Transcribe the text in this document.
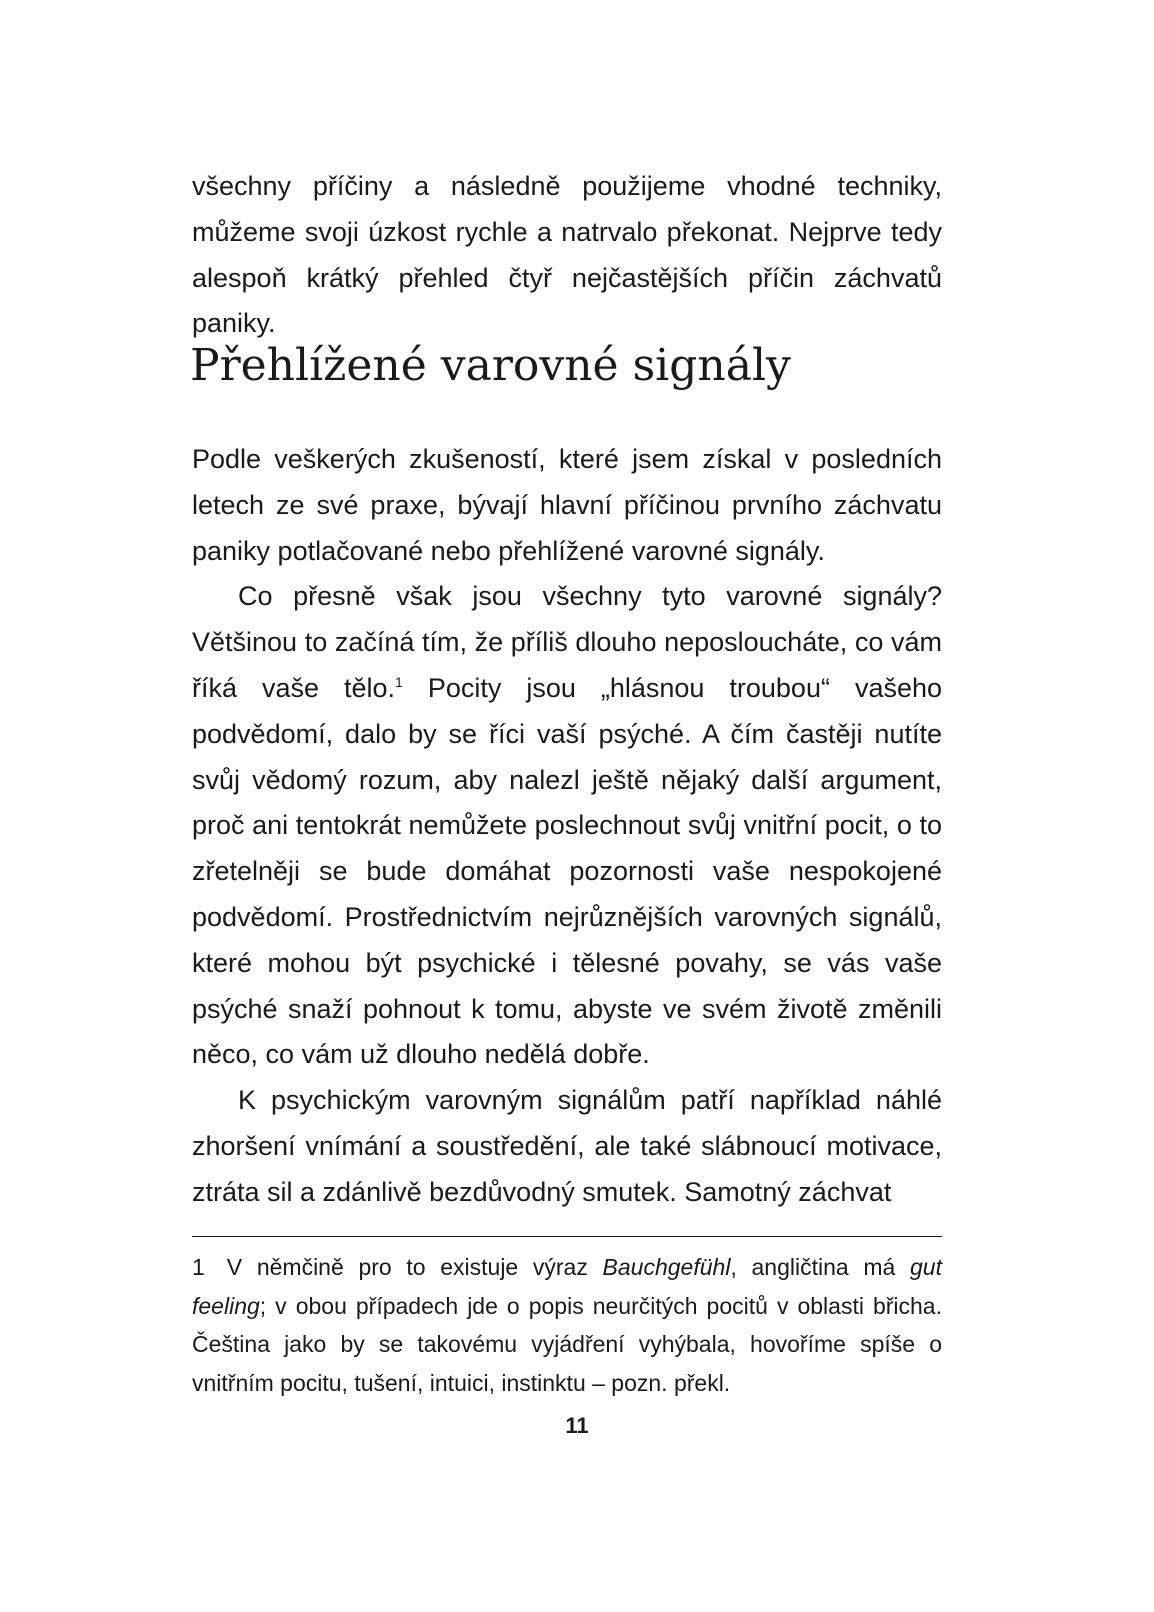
všechny příčiny a následně použijeme vhodné techniky, můžeme svoji úzkost rychle a natrvalo překonat. Nejprve tedy alespoň krátký přehled čtyř nejčastějších příčin záchvatů paniky.

Přehlížené varovné signály

Podle veškerých zkušeností, které jsem získal v posledních letech ze své praxe, bývají hlavní příčinou prvního záchvatu paniky potlačované nebo přehlížené varovné signály.

Co přesně však jsou všechny tyto varovné signály? Většinou to začíná tím, že příliš dlouho neposloucháte, co vám říká vaše tělo.$^1$ Pocity jsou „hlásnou troubou“ vašeho podvědomí, dalo by se říci vaší psýché. A čím častěji nutíte svůj vědomý rozum, aby nalezl ještě nějaký další argument, proč ani tentokrát nemůžete poslechnout svůj vnitřní pocit, o to zřetelněji se bude domáhat pozornosti vaše nespokojené podvědomí. Prostřednictvím nejrůznějších varovných signálů, které mohou být psychické i tělesné povahy, se vás vaše psýché snaží pohnout k tomu, abyste ve svém životě změnili něco, co vám už dlouho nedělá dobře.

K psychickým varovným signálům patří například náhlé zhoršení vnímání a soustředění, ale také slábnoucí motivace, ztráta sil a zdánlivě bezdůvodný smutek. Samotný záchvat

1 V němčině pro to existuje výraz Bauchgefühl, angličtina má gut feeling; v obou případech jde o popis neurčitých pocitů v oblasti břicha. Čeština jako by se takovému vyjádření vyhýbala, hovoříme spíše o vnitřním pocitu, tušení, intuici, instinktu – pozn. překl.

11
